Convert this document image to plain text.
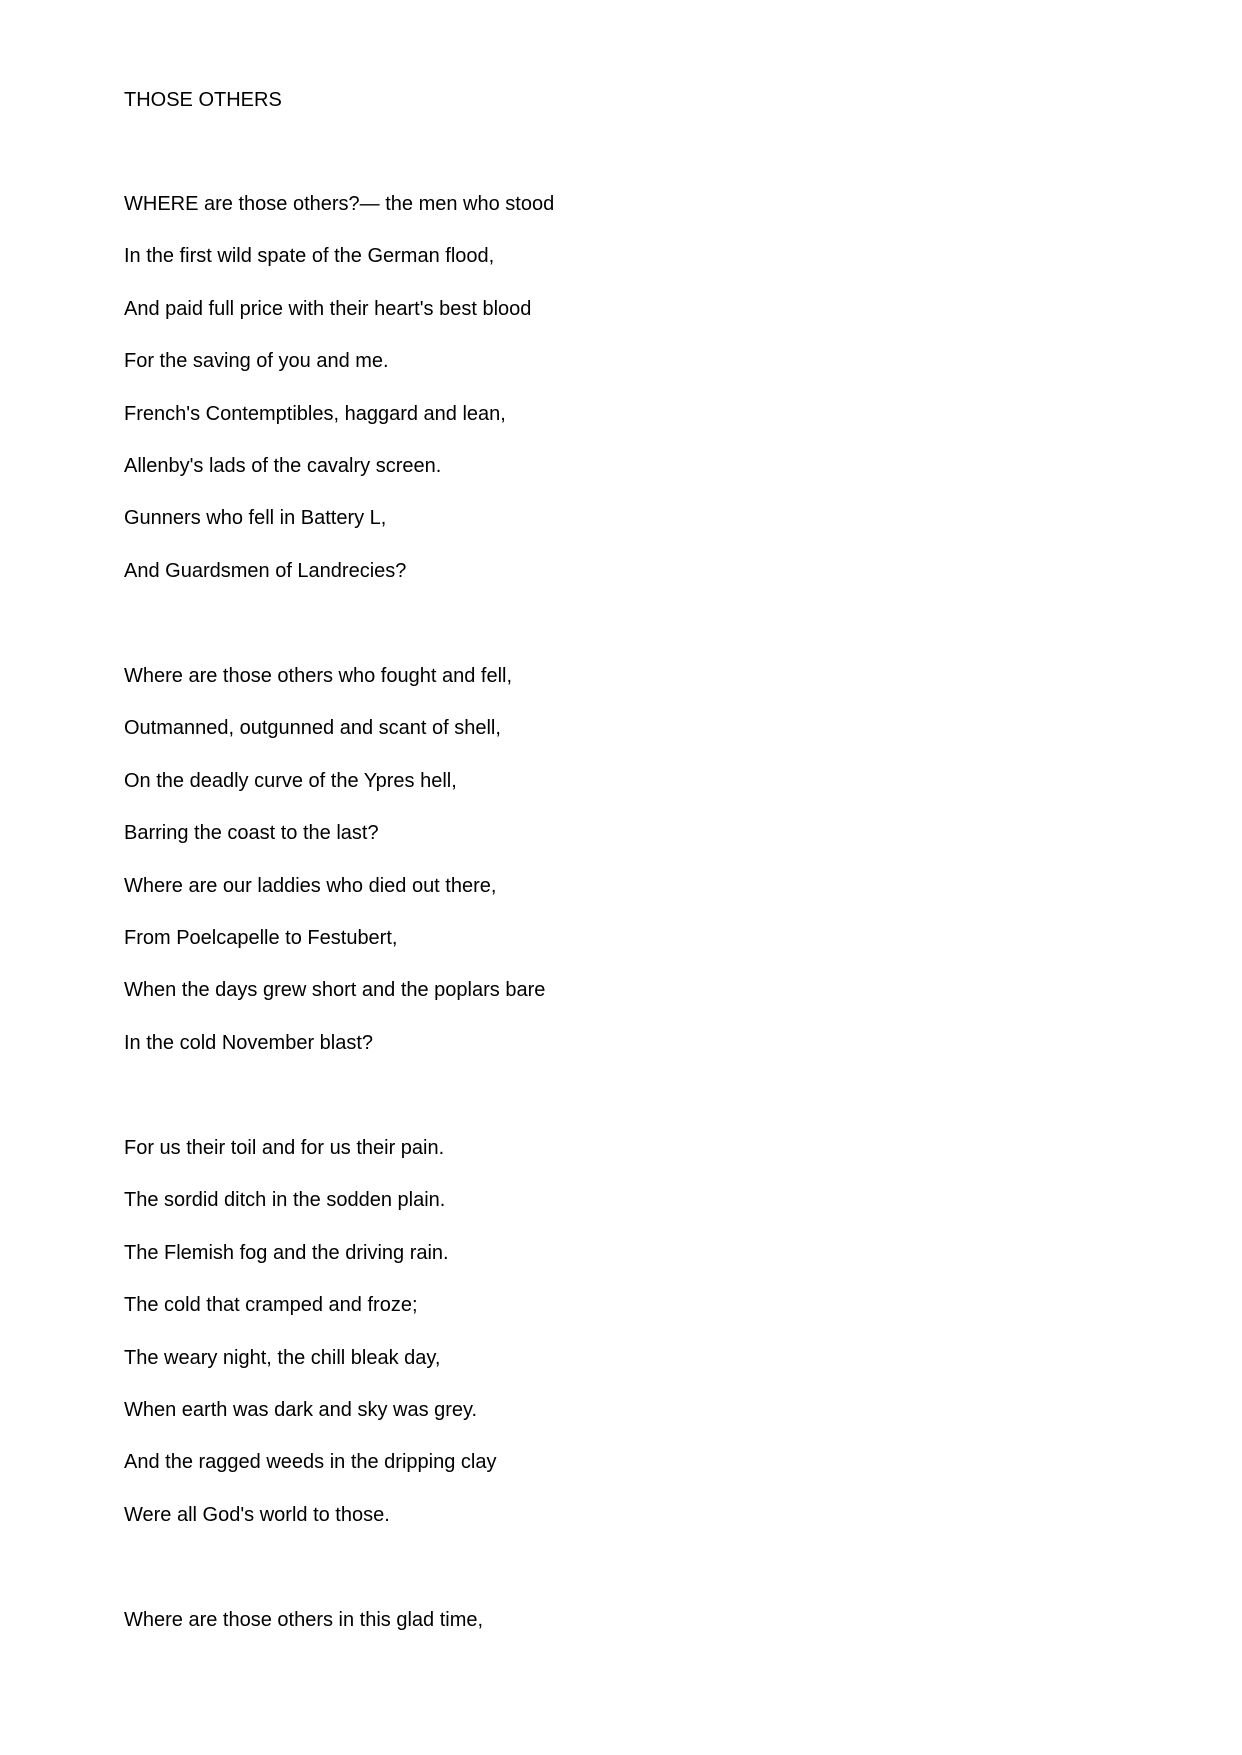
THOSE OTHERS
WHERE are those others?— the men who stood
In the first wild spate of the German flood,
And paid full price with their heart's best blood
For the saving of you and me.
French's Contemptibles, haggard and lean,
Allenby's lads of the cavalry screen.
Gunners who fell in Battery L,
And Guardsmen of Landrecies?
Where are those others who fought and fell,
Outmanned, outgunned and scant of shell,
On the deadly curve of the Ypres hell,
Barring the coast to the last?
Where are our laddies who died out there,
From Poelcapelle to Festubert,
When the days grew short and the poplars bare
In the cold November blast?
For us their toil and for us their pain.
The sordid ditch in the sodden plain.
The Flemish fog and the driving rain.
The cold that cramped and froze;
The weary night, the chill bleak day,
When earth was dark and sky was grey.
And the ragged weeds in the dripping clay
Were all God's world to those.
Where are those others in this glad time,
